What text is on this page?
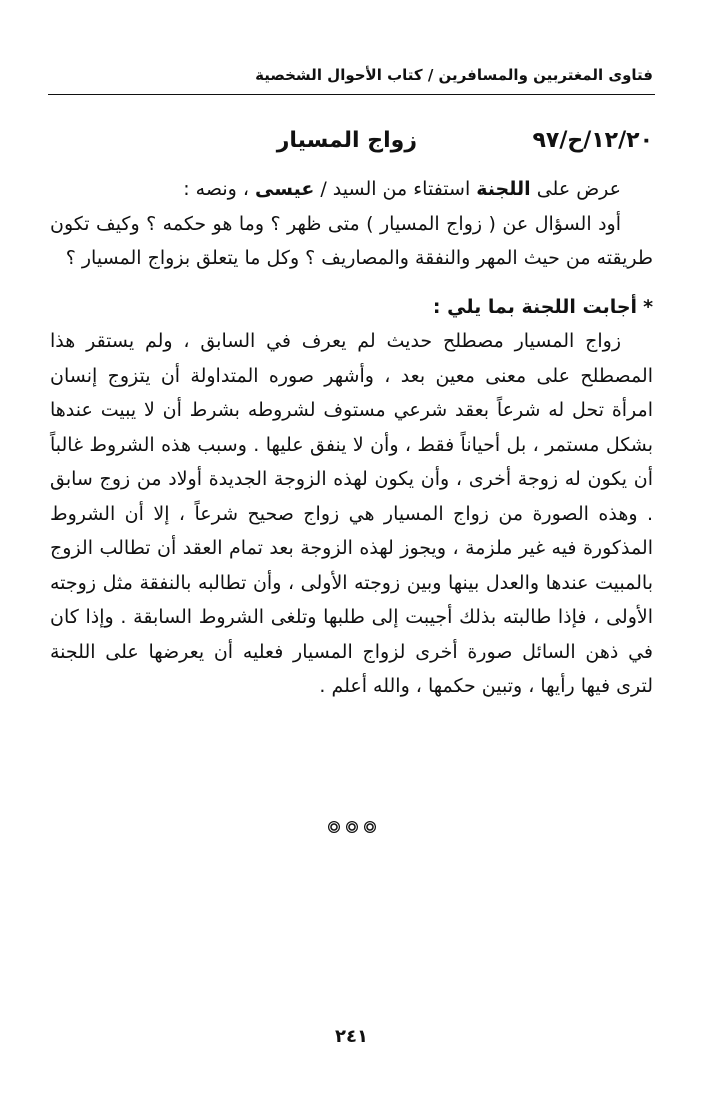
فتاوى المغتربين والمسافرين / كتاب الأحوال الشخصية
١٢/٢٠/ح/٩٧
زواج المسيار

عرض على اللجنة استفتاء من السيد / عيسى ، ونصه :

أود السؤال عن ( زواج المسيار ) متى ظهر ؟ وما هو حكمه ؟ وكيف تكون طريقته من حيث المهر والنفقة والمصاريف ؟ وكل ما يتعلق بزواج المسيار ؟

*أجابت اللجنة بما يلي :

زواج المسيار مصطلح حديث لم يعرف في السابق ، ولم يستقر هذا المصطلح على معنى معين بعد ، وأشهر صوره المتداولة أن يتزوج إنسان امرأة تحل له شرعاً بعقد شرعي مستوف لشروطه بشرط أن لا يبيت عندها بشكل مستمر ، بل أحياناً فقط ، وأن لا ينفق عليها . وسبب هذه الشروط غالباً أن يكون له زوجة أخرى ، وأن يكون لهذه الزوجة الجديدة أولاد من زوج سابق . وهذه الصورة من زواج المسيار هي زواج صحيح شرعاً ، إلا أن الشروط المذكورة فيه غير ملزمة ، ويجوز لهذه الزوجة بعد تمام العقد أن تطالب الزوج بالمبيت عندها والعدل بينها وبين زوجته الأولى ، وأن تطالبه بالنفقة مثل زوجته الأولى ، فإذا طالبته بذلك أجيبت إلى طلبها وتلغى الشروط السابقة . وإذا كان في ذهن السائل صورة أخرى لزواج المسيار فعليه أن يعرضها على اللجنة لترى فيها رأيها ، وتبين حكمها ، والله أعلم .

٢٤١
